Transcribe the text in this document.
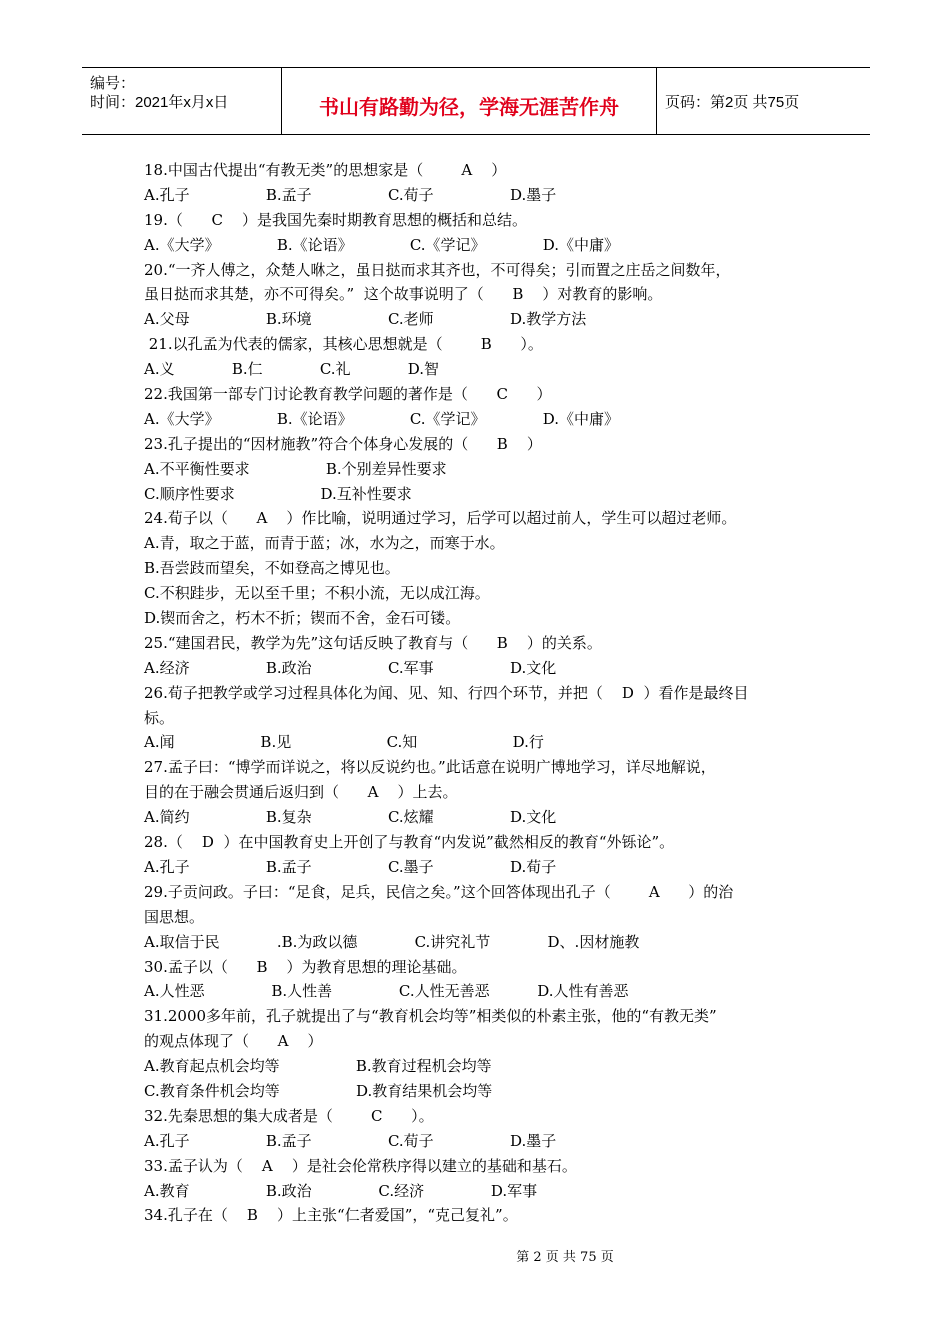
编号：
时间：2021年x月x日	书山有路勤为径，学海无涯苦作舟	页码：第2页 共75页
18.中国古代提出“有教无类”的思想家是（        A    ）
A.孔子                B.孟子                C.荀子                D.墨子
19.（      C    ）是我国先秦时期教育思想的概括和总结。
A.《大学》            B.《论语》            C.《学记》            D.《中庸》
20.“一齐人傅之，众楚人咻之，虽日挞而求其齐也，不可得矣；引而置之庄岳之间数年，
虽日挞而求其楚，亦不可得矣。”  这个故事说明了（      B    ）对教育的影响。
A.父母                B.环境                C.老师                D.教学方法
21.以孔孟为代表的儒家，其核心思想就是（        B      ）。
A.义            B.仁            C.礼            D.智
22.我国第一部专门讨论教育教学问题的著作是（      C      ）
A.《大学》            B.《论语》            C.《学记》            D.《中庸》
23.孔子提出的“因材施教”符合个体身心发展的（      B    ）
A.不平衡性要求                B.个别差异性要求
C.顺序性要求                  D.互补性要求
24.荀子以（      A    ）作比喻，说明通过学习，后学可以超过前人，学生可以超过老师。
A.青，取之于蓝，而青于蓝；冰，水为之，而寒于水。
B.吾尝跂而望矣，不如登高之博见也。
C.不积跬步，无以至千里；不积小流，无以成江海。
D.锲而舍之，朽木不折；锲而不舍，金石可镂。
25.“建国君民，教学为先”这句话反映了教育与（      B    ）的关系。
A.经济                B.政治                C.军事                D.文化
26.荀子把教学或学习过程具体化为闻、见、知、行四个环节，并把（    D  ）看作是最终目
标。
A.闻                  B.见                    C.知                    D.行
27.孟子曰：“博学而详说之，将以反说约也。”此话意在说明广博地学习，详尽地解说，
目的在于融会贯通后返归到（      A    ）上去。
A.简约                B.复杂                C.炫耀                D.文化
28.（    D  ）在中国教育史上开创了与教育“内发说”截然相反的教育“外铄论”。
A.孔子                B.孟子                C.墨子                D.荀子
29.子贡问政。子曰：“足食，足兵，民信之矣。”这个回答体现出孔子（        A      ）的治
国思想。
A.取信于民            .B.为政以德            C.讲究礼节            D、.因材施教
30.孟子以（      B    ）为教育思想的理论基础。
A.人性恶              B.人性善              C.人性无善恶          D.人性有善恶
31.2000多年前，孔子就提出了与“教育机会均等”相类似的朴素主张，他的“有教无类”
的观点体现了（      A    ）
A.教育起点机会均等                B.教育过程机会均等
C.教育条件机会均等                D.教育结果机会均等
32.先秦思想的集大成者是（        C      ）。
A.孔子                B.孟子                C.荀子                D.墨子
33.孟子认为（    A    ）是社会伦常秩序得以建立的基础和基石。
A.教育                B.政治              C.经济              D.军事
34.孔子在（    B    ）上主张“仁者爱国”，“克己复礼”。
第 2 页 共 75 页
